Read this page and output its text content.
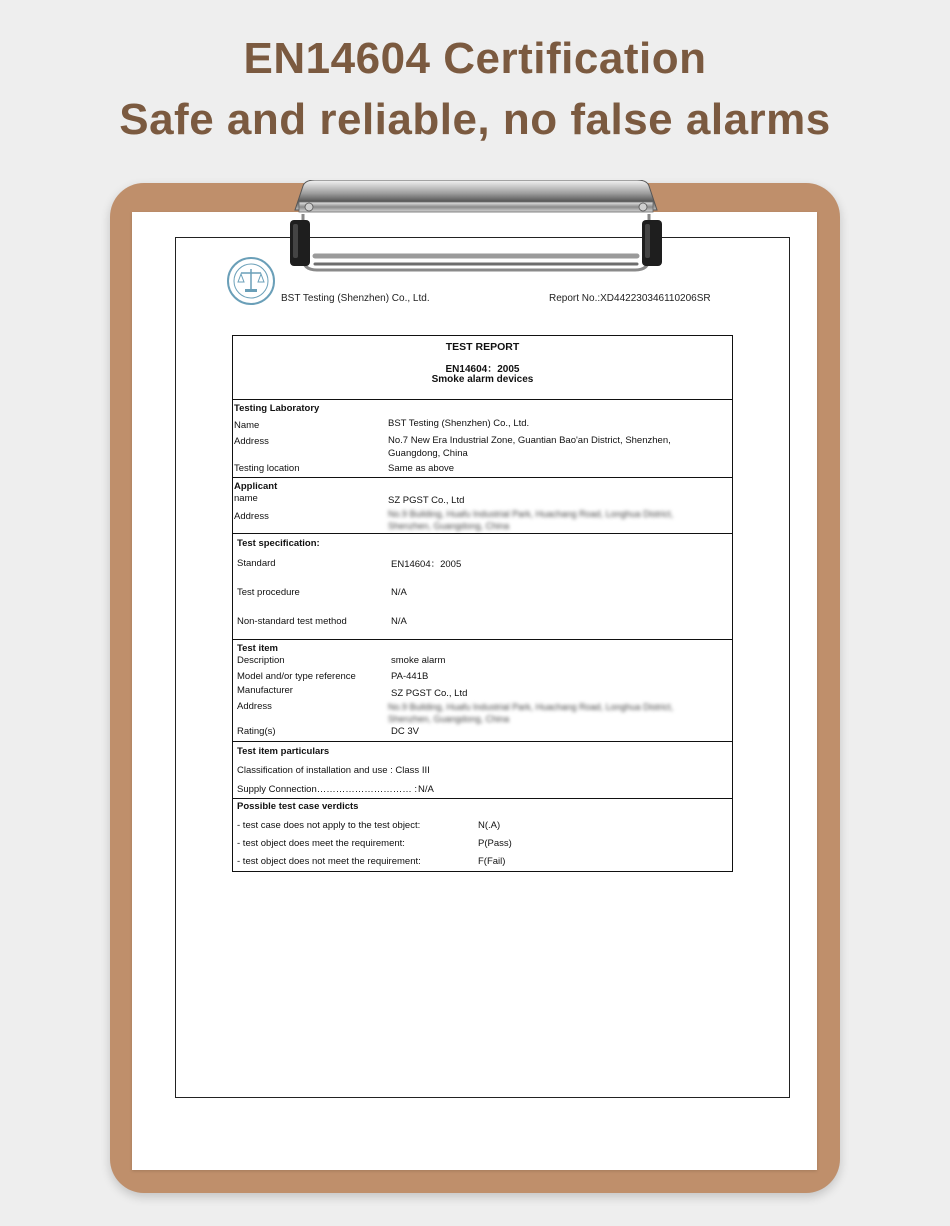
EN14604 Certification
Safe and reliable, no false alarms
BST Testing (Shenzhen) Co., Ltd.	Report No.:XD442230346110206SR
TEST REPORT
EN14604：2005
Smoke alarm devices
Testing Laboratory
Name	BST Testing (Shenzhen) Co., Ltd.
Address	No.7 New Era Industrial Zone, Guantian Bao'an District, Shenzhen,
Guangdong, China
Testing location	Same as above
Applicant
name	SZ PGST Co., Ltd
Address	No.9 Building, Huafu Industrial Park, Huachang Road, Longhua District,
Shenzhen, Guangdong, China
Test specification:
Standard	EN14604：2005
Test procedure	N/A
Non-standard test method	N/A
Test item
Description	smoke alarm
Model and/or type reference	PA-441B
Manufacturer	SZ PGST Co., Ltd
Address	No.9 Building, Huafu Industrial Park, Huachang Road, Longhua District,
Shenzhen, Guangdong, China
Rating(s)	DC 3V
Test item particulars
Classification of installation and use : Class III
Supply Connection………………………… : N/A
Possible test case verdicts
- test case does not apply to the test object:	N(.A)
- test object does meet the requirement:	P(Pass)
- test object does not meet the requirement:	F(Fail)
